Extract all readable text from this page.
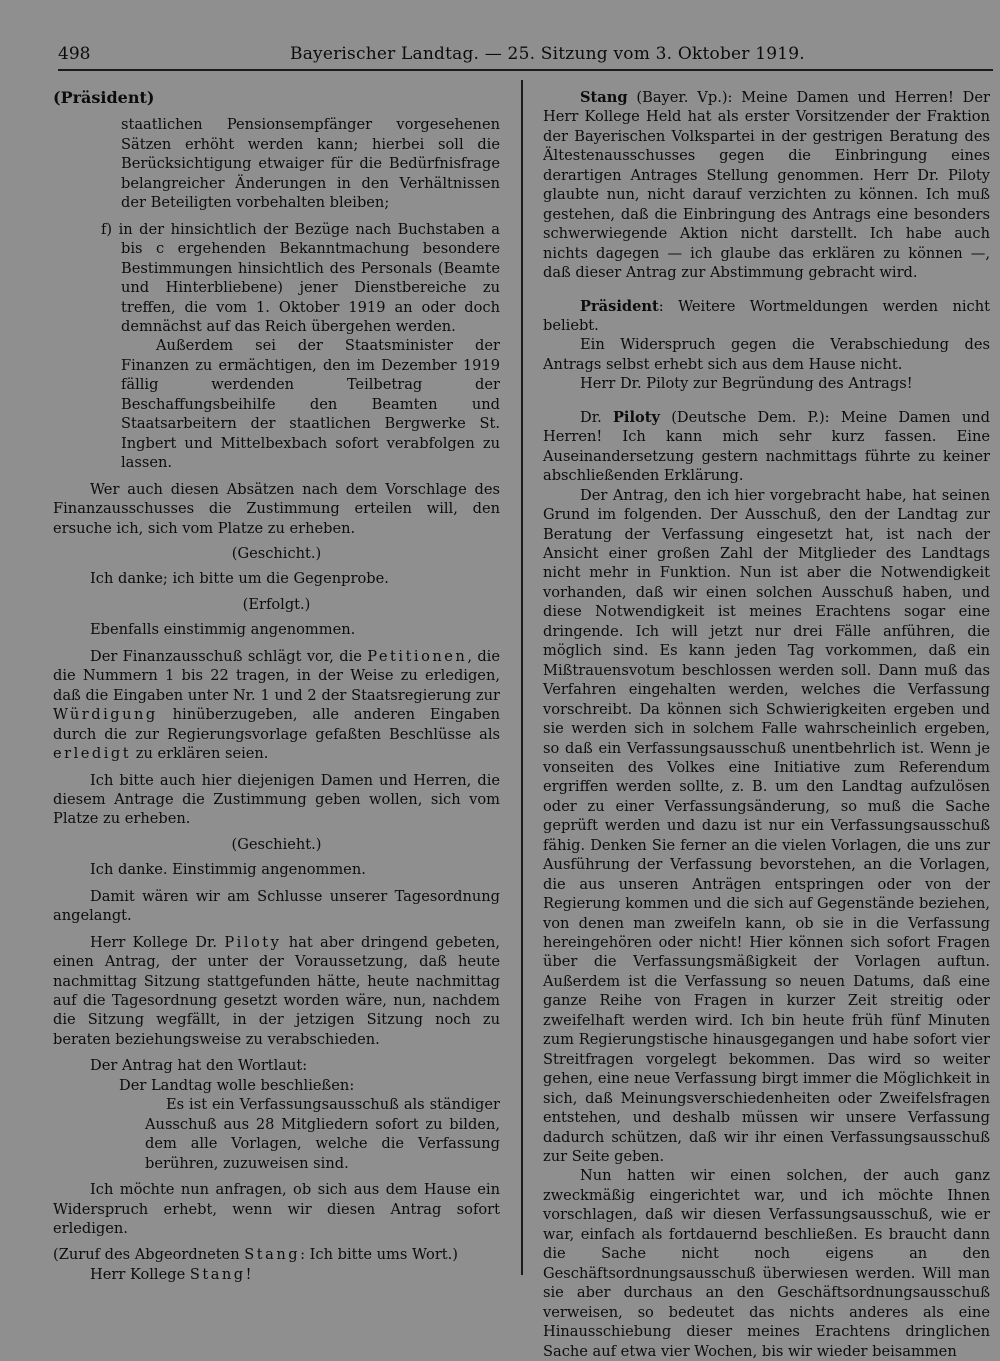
498	Bayerischer Landtag. — 25. Sitzung vom 3. Oktober 1919.

(Präsident)

staatlichen Pensionsempfänger vorgesehenen Sätzen erhöht werden kann; hierbei soll die Berücksichtigung etwaiger für die Bedürfnisfrage belangreicher Änderungen in den Verhältnissen der Beteiligten vorbehalten bleiben;

f) in der hinsichtlich der Bezüge nach Buchstaben a bis c ergehenden Bekanntmachung besondere Bestimmungen hinsichtlich des Personals (Beamte und Hinterbliebene) jener Dienstbereiche zu treffen, die vom 1. Oktober 1919 an oder doch demnächst auf das Reich übergehen werden.

Außerdem sei der Staatsminister der Finanzen zu ermächtigen, den im Dezember 1919 fällig werdenden Teilbetrag der Beschaffungsbeihilfe den Beamten und Staatsarbeitern der staatlichen Bergwerke St. Ingbert und Mittelbexbach sofort verabfolgen zu lassen.

Wer auch diesen Absätzen nach dem Vorschlage des Finanzausschusses die Zustimmung erteilen will, den ersuche ich, sich vom Platze zu erheben.

(Geschicht.)

Ich danke; ich bitte um die Gegenprobe.

(Erfolgt.)

Ebenfalls einstimmig angenommen.

Der Finanzausschuß schlägt vor, die Petitionen, die die Nummern 1 bis 22 tragen, in der Weise zu erledigen, daß die Eingaben unter Nr. 1 und 2 der Staatsregierung zur Würdigung hinüberzugeben, alle anderen Eingaben durch die zur Regierungsvorlage gefaßten Beschlüsse als erledigt zu erklären seien.

Ich bitte auch hier diejenigen Damen und Herren, die diesem Antrage die Zustimmung geben wollen, sich vom Platze zu erheben.

(Geschieht.)

Ich danke. Einstimmig angenommen.

Damit wären wir am Schlusse unserer Tagesordnung angelangt.

Herr Kollege Dr. Piloty hat aber dringend gebeten, einen Antrag, der unter der Voraussetzung, daß heute nachmittag Sitzung stattgefunden hätte, heute nachmittag auf die Tagesordnung gesetzt worden wäre, nun, nachdem die Sitzung wegfällt, in der jetzigen Sitzung noch zu beraten beziehungsweise zu verabschieden.

Der Antrag hat den Wortlaut:

Der Landtag wolle beschließen:

Es ist ein Verfassungsausschuß als ständiger Ausschuß aus 28 Mitgliedern sofort zu bilden, dem alle Vorlagen, welche die Verfassung berühren, zuzuweisen sind.

Ich möchte nun anfragen, ob sich aus dem Hause ein Widerspruch erhebt, wenn wir diesen Antrag sofort erledigen.

(Zuruf des Abgeordneten Stang: Ich bitte ums Wort.)

Herr Kollege Stang!

Stang (Bayer. Vp.): Meine Damen und Herren! Der Herr Kollege Held hat als erster Vorsitzender der Fraktion der Bayerischen Volkspartei in der gestrigen Beratung des Ältestenausschusses gegen die Einbringung eines derartigen Antrages Stellung genommen. Herr Dr. Piloty glaubte nun, nicht darauf verzichten zu können. Ich muß gestehen, daß die Einbringung des Antrags eine besonders schwerwiegende Aktion nicht darstellt. Ich habe auch nichts dagegen — ich glaube das erklären zu können —, daß dieser Antrag zur Abstimmung gebracht wird.

Präsident: Weitere Wortmeldungen werden nicht beliebt.

Ein Widerspruch gegen die Verabschiedung des Antrags selbst erhebt sich aus dem Hause nicht.

Herr Dr. Piloty zur Begründung des Antrags!

Dr. Piloty (Deutsche Dem. P.): Meine Damen und Herren! Ich kann mich sehr kurz fassen. Eine Auseinandersetzung gestern nachmittags führte zu keiner abschließenden Erklärung.

Der Antrag, den ich hier vorgebracht habe, hat seinen Grund im folgenden. Der Ausschuß, den der Landtag zur Beratung der Verfassung eingesetzt hat, ist nach der Ansicht einer großen Zahl der Mitglieder des Landtags nicht mehr in Funktion. Nun ist aber die Notwendigkeit vorhanden, daß wir einen solchen Ausschuß haben, und diese Notwendigkeit ist meines Erachtens sogar eine dringende. Ich will jetzt nur drei Fälle anführen, die möglich sind. Es kann jeden Tag vorkommen, daß ein Mißtrauensvotum beschlossen werden soll. Dann muß das Verfahren eingehalten werden, welches die Verfassung vorschreibt. Da können sich Schwierigkeiten ergeben und sie werden sich in solchem Falle wahrscheinlich ergeben, so daß ein Verfassungsausschuß unentbehrlich ist. Wenn je vonseiten des Volkes eine Initiative zum Referendum ergriffen werden sollte, z. B. um den Landtag aufzulösen oder zu einer Verfassungsänderung, so muß die Sache geprüft werden und dazu ist nur ein Verfassungsausschuß fähig. Denken Sie ferner an die vielen Vorlagen, die uns zur Ausführung der Verfassung bevorstehen, an die Vorlagen, die aus unseren Anträgen entspringen oder von der Regierung kommen und die sich auf Gegenstände beziehen, von denen man zweifeln kann, ob sie in die Verfassung hereingehören oder nicht! Hier können sich sofort Fragen über die Verfassungsmäßigkeit der Vorlagen auftun. Außerdem ist die Verfassung so neuen Datums, daß eine ganze Reihe von Fragen in kurzer Zeit streitig oder zweifelhaft werden wird. Ich bin heute früh fünf Minuten zum Regierungstische hinausgegangen und habe sofort vier Streitfragen vorgelegt bekommen. Das wird so weiter gehen, eine neue Verfassung birgt immer die Möglichkeit in sich, daß Meinungsverschiedenheiten oder Zweifelsfragen entstehen, und deshalb müssen wir unsere Verfassung dadurch schützen, daß wir ihr einen Verfassungsausschuß zur Seite geben.

Nun hatten wir einen solchen, der auch ganz zweckmäßig eingerichtet war, und ich möchte Ihnen vorschlagen, daß wir diesen Verfassungsausschuß, wie er war, einfach als fortdauernd beschließen. Es braucht dann die Sache nicht noch eigens an den Geschäftsordnungsausschuß überwiesen werden. Will man sie aber durchaus an den Geschäftsordnungsausschuß verweisen, so bedeutet das nichts anderes als eine Hinausschiebung dieser meines Erachtens dringlichen Sache auf etwa vier Wochen, bis wir wieder beisammen
